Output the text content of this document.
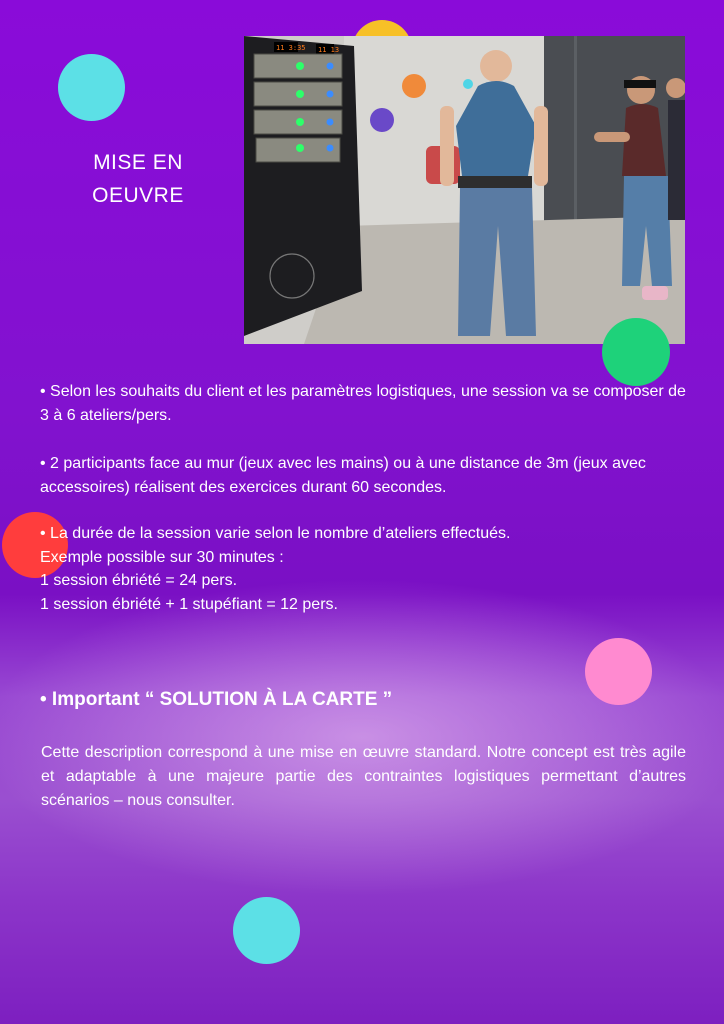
MISE EN
OEUVRE
11 3:35 11 13
• Selon les souhaits du client et les paramètres logistiques, une session va se composer de 3 à 6 ateliers/pers.
• 2 participants face au mur (jeux avec les mains) ou à une distance de 3m (jeux avec accessoires) réalisent des exercices durant 60 secondes.
• La durée de la session varie selon le nombre d’ateliers effectués.
Exemple possible sur 30 minutes :
1 session ébriété = 24 pers.
1 session ébriété + 1 stupéfiant = 12 pers.
• Important “ SOLUTION À LA CARTE ”
Cette description correspond à une mise en œuvre standard. Notre concept est très agile et adaptable à une majeure partie des contraintes logistiques permettant d’autres scénarios – nous consulter.
